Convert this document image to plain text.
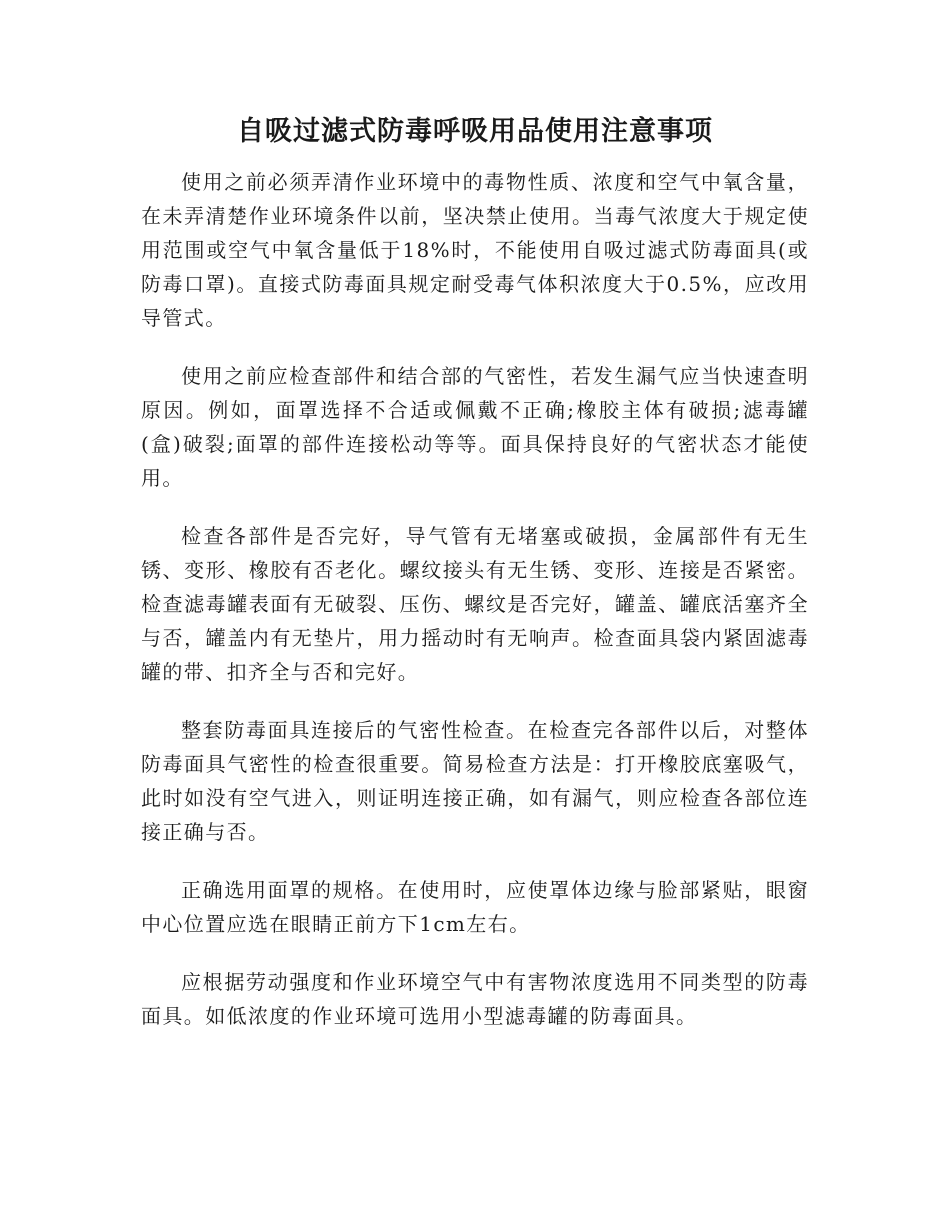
自吸过滤式防毒呼吸用品使用注意事项

使用之前必须弄清作业环境中的毒物性质、浓度和空气中氧含量，在未弄清楚作业环境条件以前，坚决禁止使用。当毒气浓度大于规定使用范围或空气中氧含量低于18%时，不能使用自吸过滤式防毒面具(或防毒口罩)。直接式防毒面具规定耐受毒气体积浓度大于0.5%，应改用导管式。

使用之前应检查部件和结合部的气密性，若发生漏气应当快速查明原因。例如，面罩选择不合适或佩戴不正确;橡胶主体有破损;滤毒罐(盒)破裂;面罩的部件连接松动等等。面具保持良好的气密状态才能使用。

检查各部件是否完好，导气管有无堵塞或破损，金属部件有无生锈、变形、橡胶有否老化。螺纹接头有无生锈、变形、连接是否紧密。检查滤毒罐表面有无破裂、压伤、螺纹是否完好，罐盖、罐底活塞齐全与否，罐盖内有无垫片，用力摇动时有无响声。检查面具袋内紧固滤毒罐的带、扣齐全与否和完好。

整套防毒面具连接后的气密性检查。在检查完各部件以后，对整体防毒面具气密性的检查很重要。简易检查方法是：打开橡胶底塞吸气，此时如没有空气进入，则证明连接正确，如有漏气，则应检查各部位连接正确与否。

正确选用面罩的规格。在使用时，应使罩体边缘与脸部紧贴，眼窗中心位置应选在眼睛正前方下1cm左右。

应根据劳动强度和作业环境空气中有害物浓度选用不同类型的防毒面具。如低浓度的作业环境可选用小型滤毒罐的防毒面具。
